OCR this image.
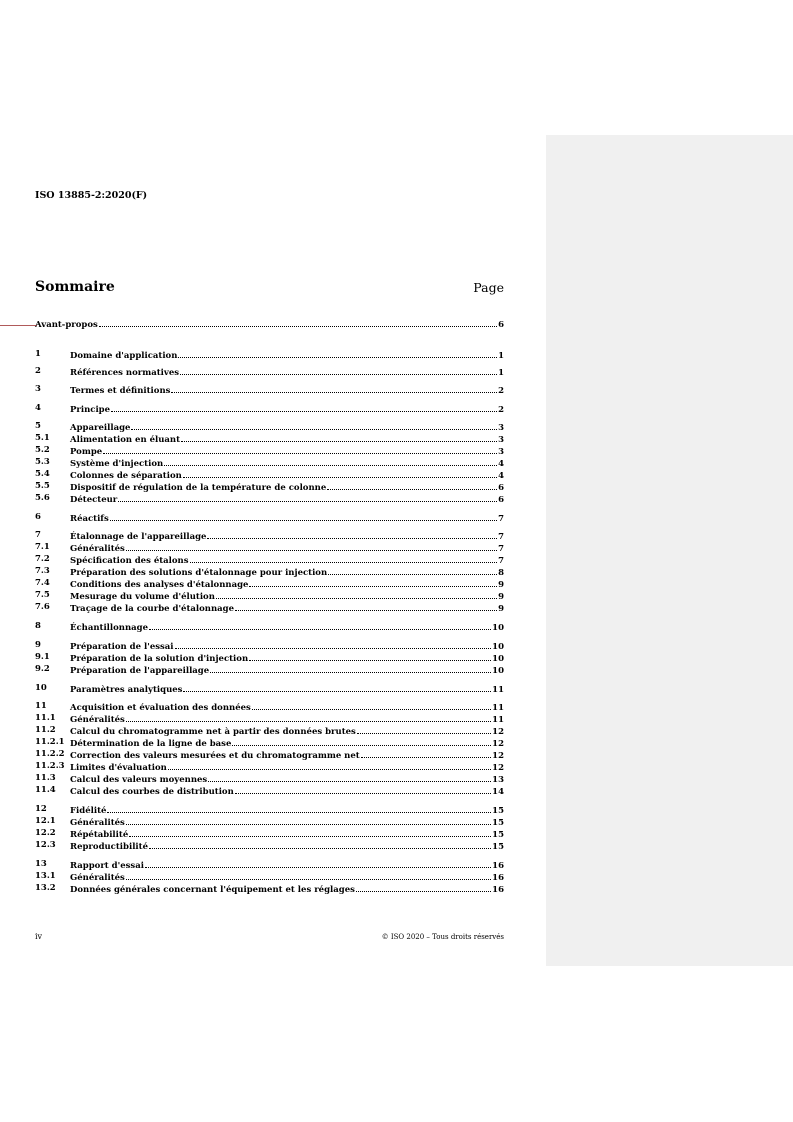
ISO 13885-2:2020(F)
Sommaire	Page
Avant-propos	6
1	Domaine d'application	1
2	Références normatives	1
3	Termes et définitions	2
4	Principe	2
5	Appareillage	3
5.1 Alimentation en éluant	3
5.2 Pompe	3
5.3 Système d'injection	4
5.4 Colonnes de séparation	4
5.5 Dispositif de régulation de la température de colonne	6
5.6 Détecteur	6
6	Réactifs	7
7	Étalonnage de l'appareillage	7
7.1 Généralités	7
7.2 Spécification des étalons	7
7.3 Préparation des solutions d'étalonnage pour injection	8
7.4 Conditions des analyses d'étalonnage	9
7.5 Mesurage du volume d'élution	9
7.6 Traçage de la courbe d'étalonnage	9
8	Échantillonnage	10
9	Préparation de l'essai	10
9.1 Préparation de la solution d'injection	10
9.2 Préparation de l'appareillage	10
10	Paramètres analytiques	11
11	Acquisition et évaluation des données	11
11.1 Généralités	11
11.2 Calcul du chromatogramme net à partir des données brutes	12
11.2.1 Détermination de la ligne de base	12
11.2.2 Correction des valeurs mesurées et du chromatogramme net	12
11.2.3 Limites d'évaluation	12
11.3 Calcul des valeurs moyennes	13
11.4 Calcul des courbes de distribution	14
12	Fidélité	15
12.1 Généralités	15
12.2 Répétabilité	15
12.3 Reproductibilité	15
13	Rapport d'essai	16
13.1 Généralités	16
13.2 Données générales concernant l'équipement et les réglages	16
iv	© ISO 2020 – Tous droits réservés
